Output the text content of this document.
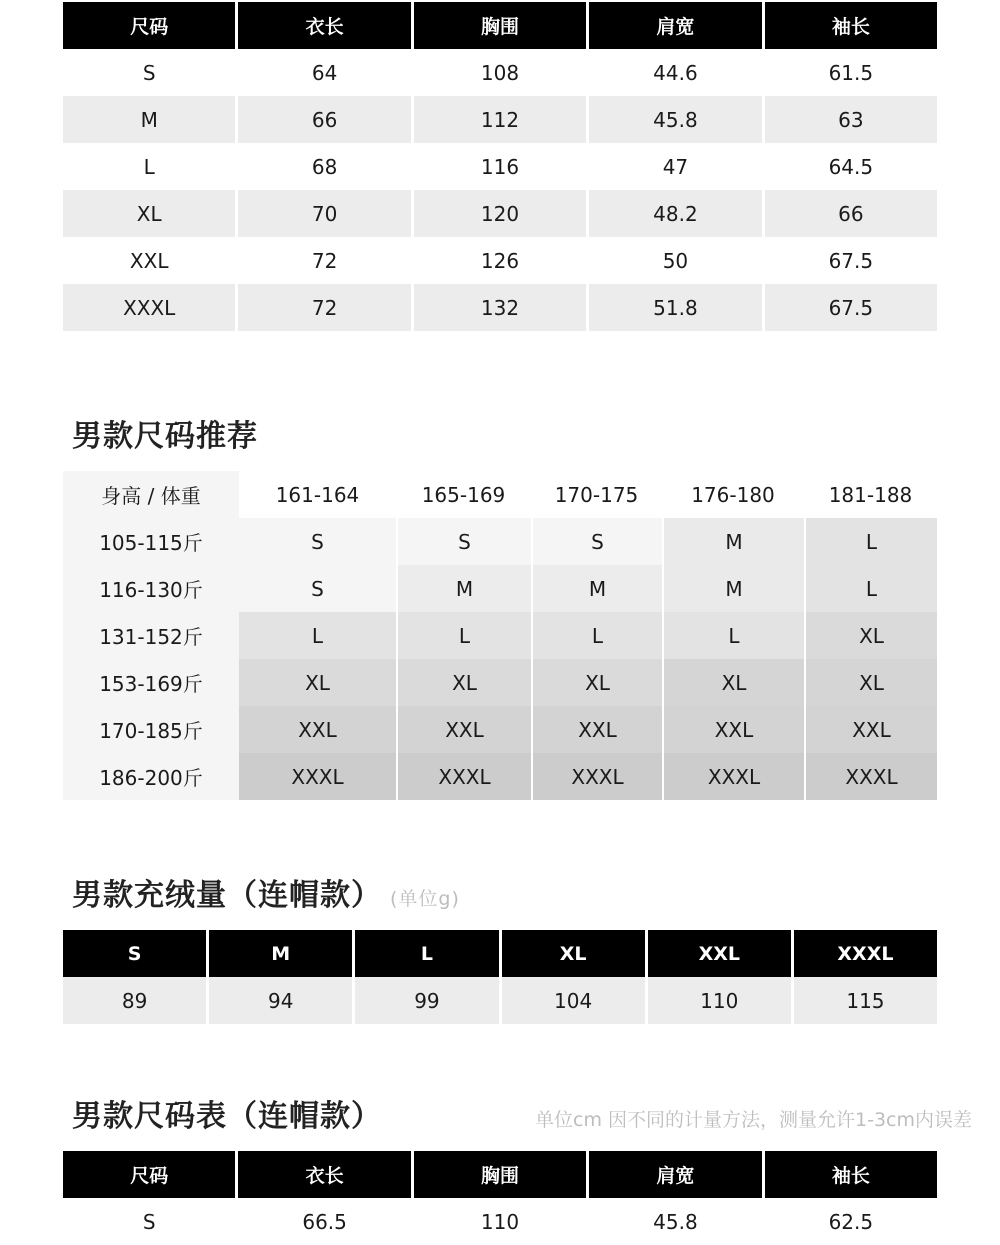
尺码	衣长	胸围	肩宽	袖长
S	64	108	44.6	61.5
M	66	112	45.8	63
L	68	116	47	64.5
XL	70	120	48.2	66
XXL	72	126	50	67.5
XXXL	72	132	51.8	67.5
男款尺码推荐
身高 / 体重	161-164	165-169	170-175	176-180	181-188
105-115斤	S	S	S	M	L
116-130斤	S	M	M	M	L
131-152斤	L	L	L	L	XL
153-169斤	XL	XL	XL	XL	XL
170-185斤	XXL	XXL	XXL	XXL	XXL
186-200斤	XXXL	XXXL	XXXL	XXXL	XXXL
男款充绒量（连帽款） (单位g)
S	M	L	XL	XXL	XXXL
89	94	99	104	110	115
男款尺码表（连帽款）	单位cm 因不同的计量方法，测量允许1-3cm内误差
尺码	衣长	胸围	肩宽	袖长
S	66.5	110	45.8	62.5
